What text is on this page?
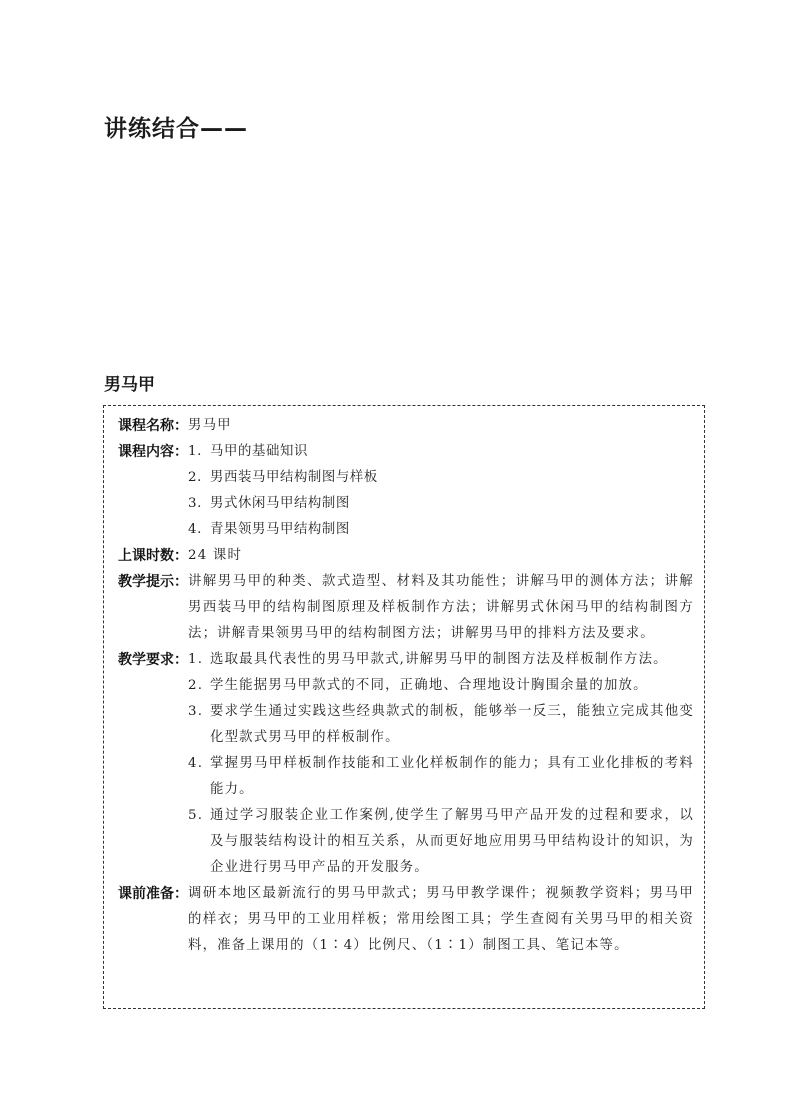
讲练结合——
男马甲
课程名称： 男马甲
课程内容： 1. 马甲的基础知识
2. 男西装马甲结构制图与样板
3. 男式休闲马甲结构制图
4. 青果领男马甲结构制图
上课时数： 24 课时
教学提示： 讲解男马甲的种类、款式造型、材料及其功能性；讲解马甲的测体方法；讲解男西装马甲的结构制图原理及样板制作方法；讲解男式休闲马甲的结构制图方法；讲解青果领男马甲的结构制图方法；讲解男马甲的排料方法及要求。
教学要求： 1. 选取最具代表性的男马甲款式,讲解男马甲的制图方法及样板制作方法。
2. 学生能据男马甲款式的不同，正确地、合理地设计胸围余量的加放。
3. 要求学生通过实践这些经典款式的制板，能够举一反三，能独立完成其他变化型款式男马甲的样板制作。
4. 掌握男马甲样板制作技能和工业化样板制作的能力；具有工业化排板的考料能力。
5. 通过学习服装企业工作案例,使学生了解男马甲产品开发的过程和要求，以及与服装结构设计的相互关系，从而更好地应用男马甲结构设计的知识，为企业进行男马甲产品的开发服务。
课前准备： 调研本地区最新流行的男马甲款式；男马甲教学课件；视频教学资料；男马甲的样衣；男马甲的工业用样板；常用绘图工具；学生查阅有关男马甲的相关资料，准备上课用的（1∶4）比例尺、（1∶1）制图工具、笔记本等。
